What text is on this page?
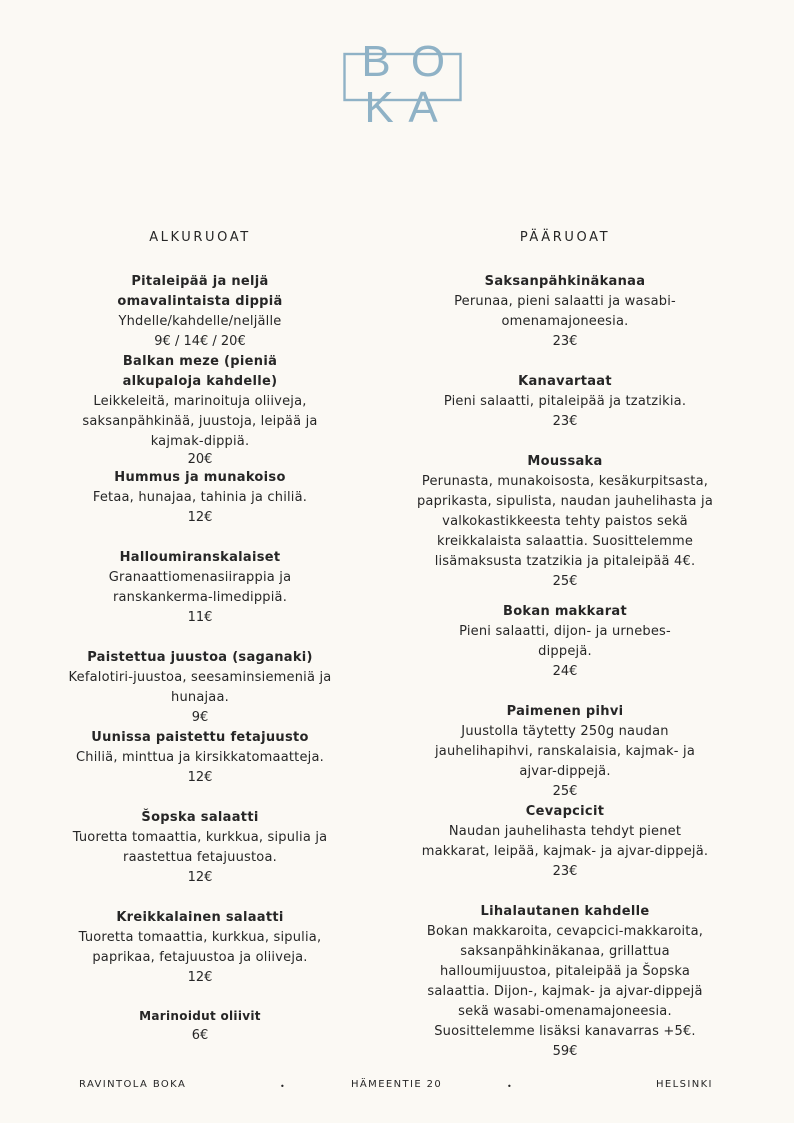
B O
K A
ALKURUOAT
Pitaleipää ja neljä omavalintaista dippiä
Yhdelle/kahdelle/neljälle
9€ / 14€ / 20€
Balkan meze (pieniä alkupaloja kahdelle)
Leikkeleitä, marinoituja oliiveja, saksanpähkinää, juustoja, leipää ja kajmak-dippiä.
20€
Hummus ja munakoiso
Fetaa, hunajaa, tahinia ja chiliä.
12€
Halloumiranskalaiset
Granaattiomenasiirappia ja ranskankerma-limedippiä.
11€
Paistettua juustoa (saganaki)
Kefalotiri-juustoa, seesaminsiemeniä ja hunajaa.
9€
Uunissa paistettu fetajuusto
Chiliä, minttua ja kirsikkatomaatteja.
12€
Šopska salaatti
Tuoretta tomaattia, kurkkua, sipulia ja raastettua fetajuustoa.
12€
Kreikkalainen salaatti
Tuoretta tomaattia, kurkkua, sipulia, paprikaa, fetajuustoa ja oliiveja.
12€
Marinoidut oliivit
6€
PÄÄRUOAT
Saksanpähkinäkanaa
Perunaa, pieni salaatti ja wasabi-omenamajoneesia.
23€
Kanavartaat
Pieni salaatti, pitaleipää ja tzatzikia.
23€
Moussaka
Perunasta, munakoisosta, kesäkurpitsasta, paprikasta, sipulista, naudan jauhelihasta ja valkokastikkeesta tehty paistos sekä kreikkalaista salaattia. Suosittelemme lisämaksusta tzatzikia ja pitaleipää 4€.
25€
Bokan makkarat
Pieni salaatti, dijon- ja urnebes-dippejä.
24€
Paimenen pihvi
Juustolla täytetty 250g naudan jauhelihapihvi, ranskalaisia, kajmak- ja ajvar-dippejä.
25€
Cevapcicit
Naudan jauhelihasta tehdyt pienet makkarat, leipää, kajmak- ja ajvar-dippejä.
23€
Lihalautanen kahdelle
Bokan makkaroita, cevapcici-makkaroita, saksanpähkinäkanaa, grillattua halloumijuustoa, pitaleipää ja Šopska salaattia. Dijon-, kajmak- ja ajvar-dippejä sekä wasabi-omenamajoneesia. Suosittelemme lisäksi kanavarras +5€.
59€
RAVINTOLA BOKA	•	HÄMEENTIE 20	•	HELSINKI
